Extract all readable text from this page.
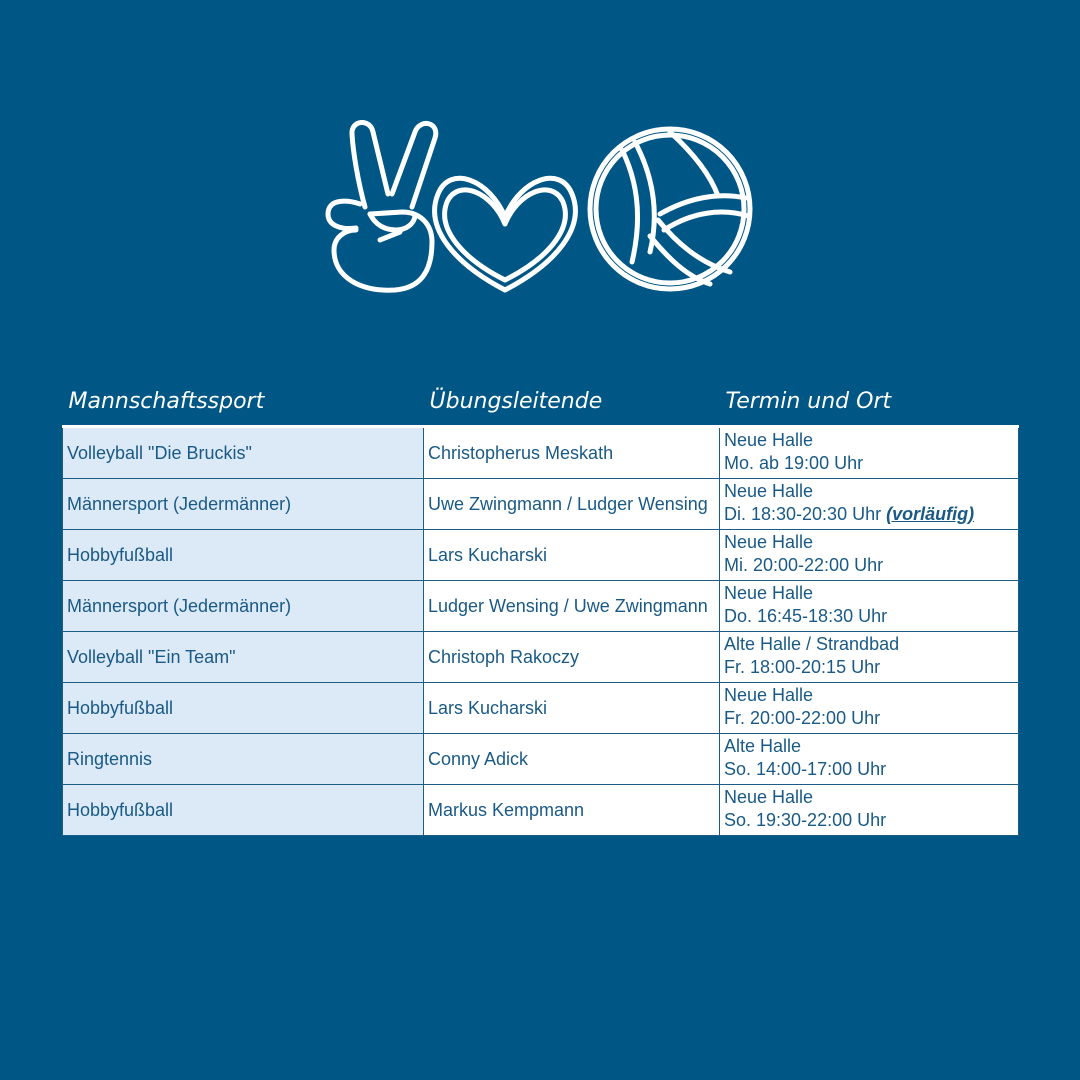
Mannschaftssport	Übungsleitende	Termin und Ort
Volleyball "Die Bruckis"	Christopherus Meskath	Neue Halle
Mo. ab 19:00 Uhr

Männersport (Jedermänner)	Uwe Zwingmann / Ludger Wensing	Neue Halle
Di. 18:30-20:30 Uhr (vorläufig)

Hobbyfußball	Lars Kucharski	Neue Halle
Mi. 20:00-22:00 Uhr

Männersport (Jedermänner)	Ludger Wensing / Uwe Zwingmann	Neue Halle
Do. 16:45-18:30 Uhr

Volleyball "Ein Team"	Christoph Rakoczy	Alte Halle / Strandbad
Fr. 18:00-20:15 Uhr

Hobbyfußball	Lars Kucharski	Neue Halle
Fr. 20:00-22:00 Uhr

Ringtennis	Conny Adick	Alte Halle
So. 14:00-17:00 Uhr

Hobbyfußball	Markus Kempmann	Neue Halle
So. 19:30-22:00 Uhr
